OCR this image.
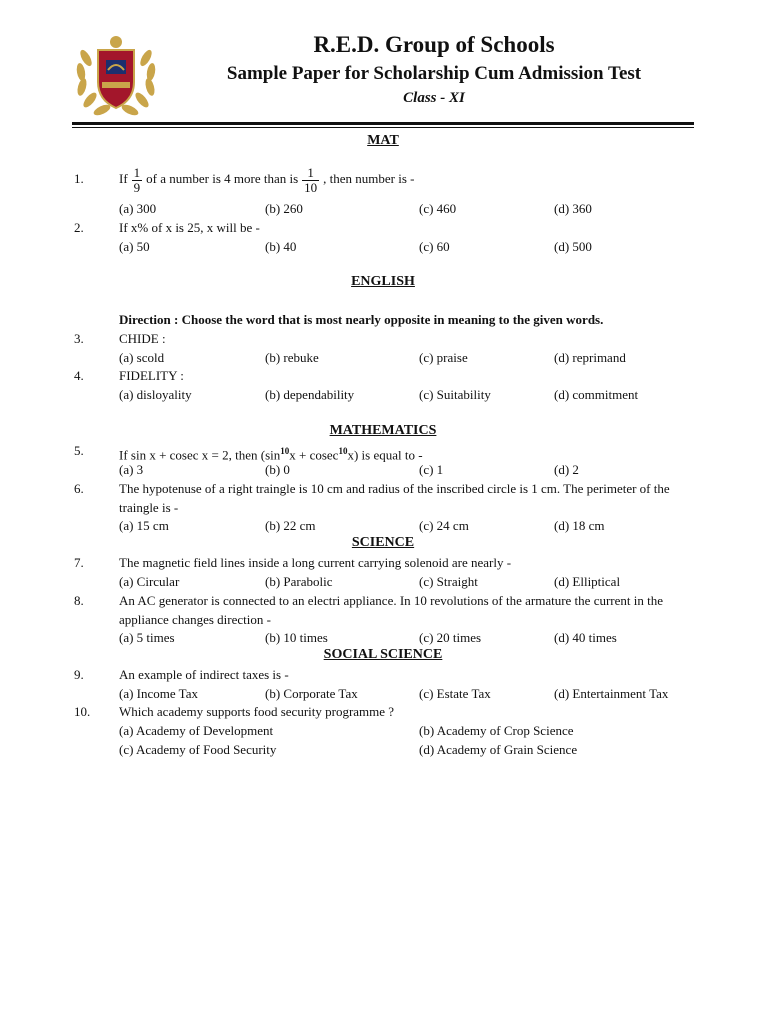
R.E.D. Group of Schools
Sample Paper for Scholarship Cum Admission Test
Class - XI
MAT
1.	If $\frac{1}{9}$ of a number is 4 more than is $\frac{1}{10}$ , then number is -
(a) 300	(b) 260	(c) 460	(d) 360
2.	If x% of x is 25, x will be -
(a) 50	(b) 40	(c) 60	(d) 500
ENGLISH
Direction : Choose the word that is most nearly opposite in meaning to the given words.
3.	CHIDE :
(a) scold	(b) rebuke	(c) praise	(d) reprimand
4.	FIDELITY :
(a) disloyality	(b) dependability	(c) Suitability	(d) commitment
MATHEMATICS
5.	If sin x + cosec x = 2, then $(\sin^{10}x + cosec^{10}x)$ is equal to -
(a) 3	(b) 0	(c) 1	(d) 2
6.	The hypotenuse of a right traingle is 10 cm and radius of the inscribed circle is 1 cm. The perimeter of the traingle is -
(a) 15 cm	(b) 22 cm	(c) 24 cm	(d) 18 cm
SCIENCE
7.	The magnetic field lines inside a long current carrying solenoid are nearly -
(a) Circular	(b) Parabolic	(c) Straight	(d) Elliptical
8.	An AC generator is connected to an electri appliance. In 10 revolutions of the armature the current in the appliance changes direction -
(a) 5 times	(b) 10 times	(c) 20 times	(d) 40 times
SOCIAL SCIENCE
9.	An example of indirect taxes is -
(a) Income Tax	(b) Corporate Tax	(c) Estate Tax	(d) Entertainment Tax
10. Which academy supports food security programme ?
(a) Academy of Development	(b) Academy of Crop Science
(c) Academy of Food Security	(d) Academy of Grain Science
